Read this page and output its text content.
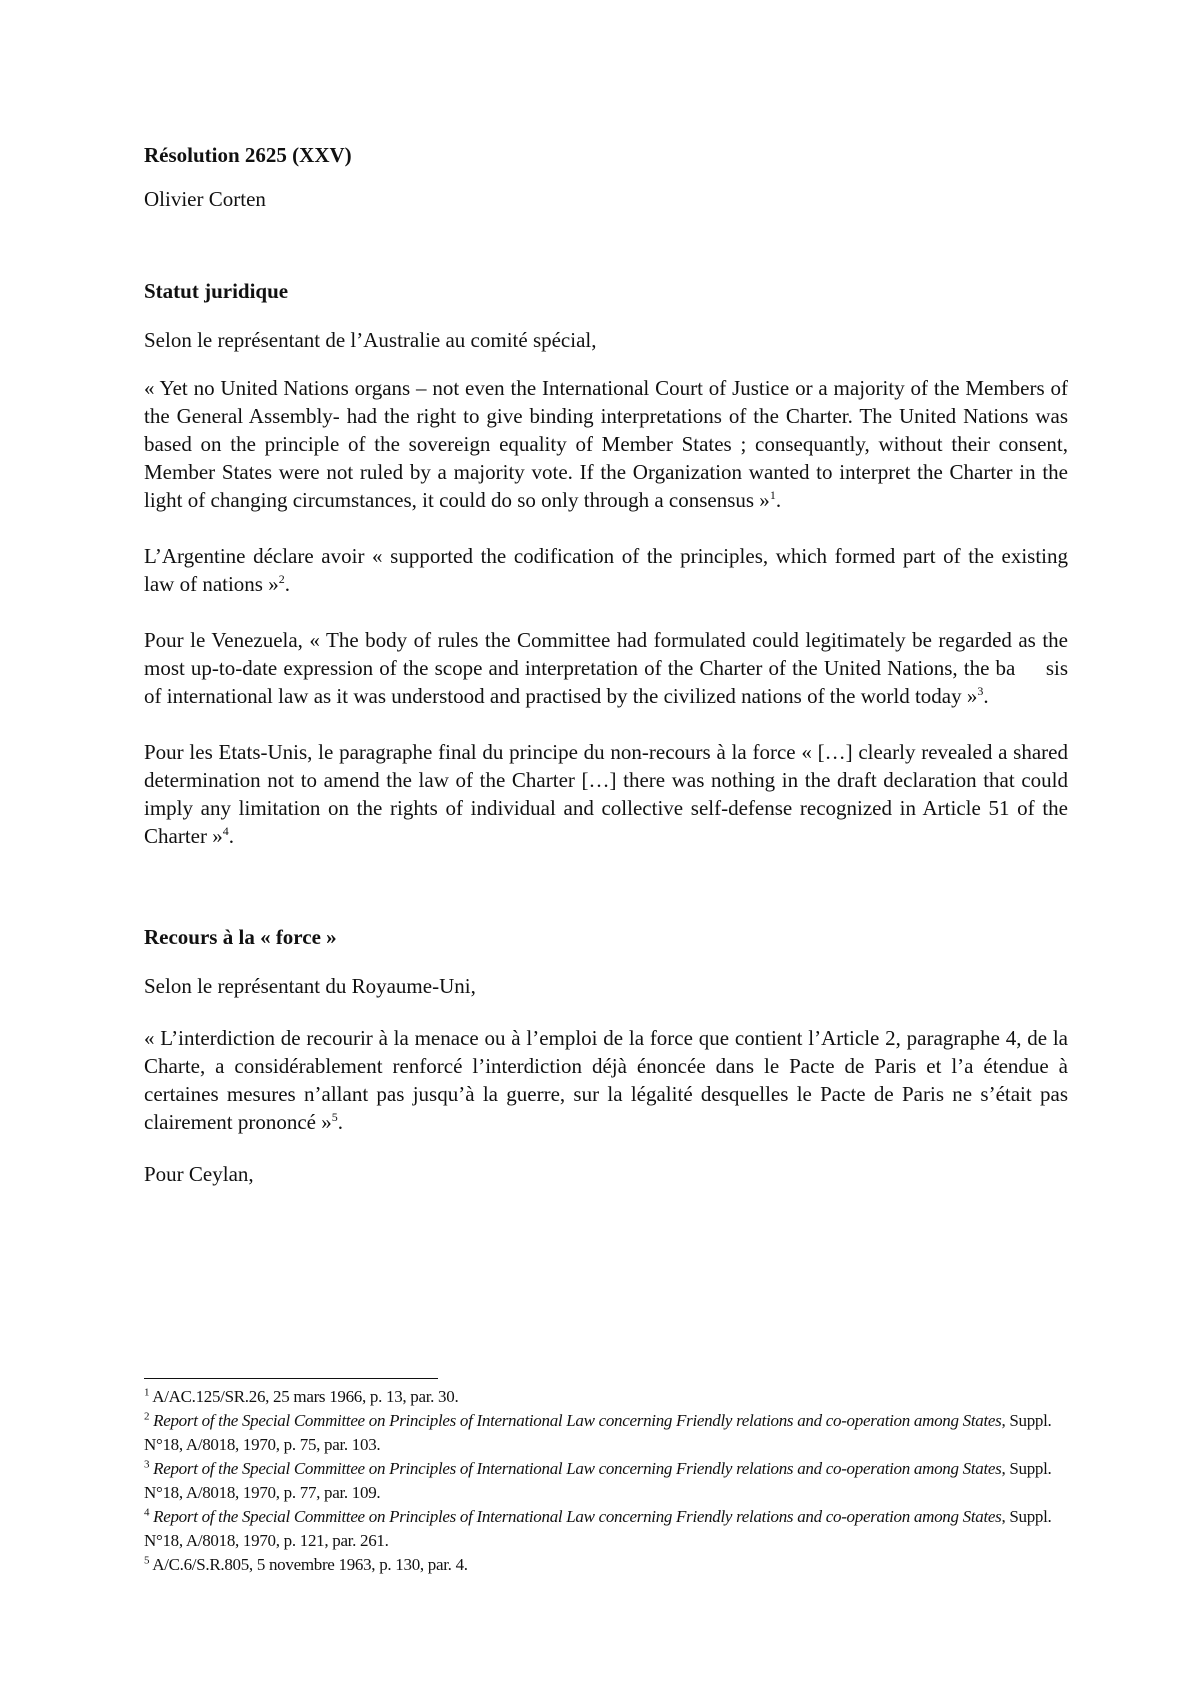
Résolution 2625 (XXV)

Olivier Corten

Statut juridique

Selon le représentant de l’Australie au comité spécial,

« Yet no United Nations organs – not even the International Court of Justice or a majority of the Members of the General Assembly- had the right to give binding interpretations of the Charter. The United Nations was based on the principle of the sovereign equality of Member States ; consequantly, without their consent, Member States were not ruled by a majority vote. If the Organization wanted to interpret the Charter in the light of changing circumstances, it could do so only through a consensus »$^1$.

L’Argentine déclare avoir « supported the codification of the principles, which formed part of the existing law of nations »$^2$.

Pour le Venezuela, « The body of rules the Committee had formulated could legitimately be regarded as the most up-to-date expression of the scope and interpretation of the Charter of the United Nations, the ba     sis of international law as it was understood and practised by the civilized nations of the world today »$^3$.

Pour les Etats-Unis, le paragraphe final du principe du non-recours à la force « […] clearly revealed a shared determination not to amend the law of the Charter […] there was nothing in the draft declaration that could imply any limitation on the rights of individual and collective self-defense recognized in Article 51 of the Charter »$^4$.

Recours à la « force »

Selon le représentant du Royaume-Uni,

« L’interdiction de recourir à la menace ou à l’emploi de la force que contient l’Article 2, paragraphe 4, de la Charte, a considérablement renforcé l’interdiction déjà énoncée dans le Pacte de Paris et l’a étendue à certaines mesures n’allant pas jusqu’à la guerre, sur la légalité desquelles le Pacte de Paris ne s’était pas clairement prononcé »$^5$.

Pour Ceylan,

$^1$ A/AC.125/SR.26, 25 mars 1966, p. 13, par. 30.

$^2$ Report of the Special Committee on Principles of International Law concerning Friendly relations and co-operation among States, Suppl. N°18, A/8018, 1970, p. 75, par. 103.

$^3$ Report of the Special Committee on Principles of International Law concerning Friendly relations and co-operation among States, Suppl. N°18, A/8018, 1970, p. 77, par. 109.

$^4$ Report of the Special Committee on Principles of International Law concerning Friendly relations and co-operation among States, Suppl. N°18, A/8018, 1970, p. 121, par. 261.

$^5$ A/C.6/S.R.805, 5 novembre 1963, p. 130, par. 4.
